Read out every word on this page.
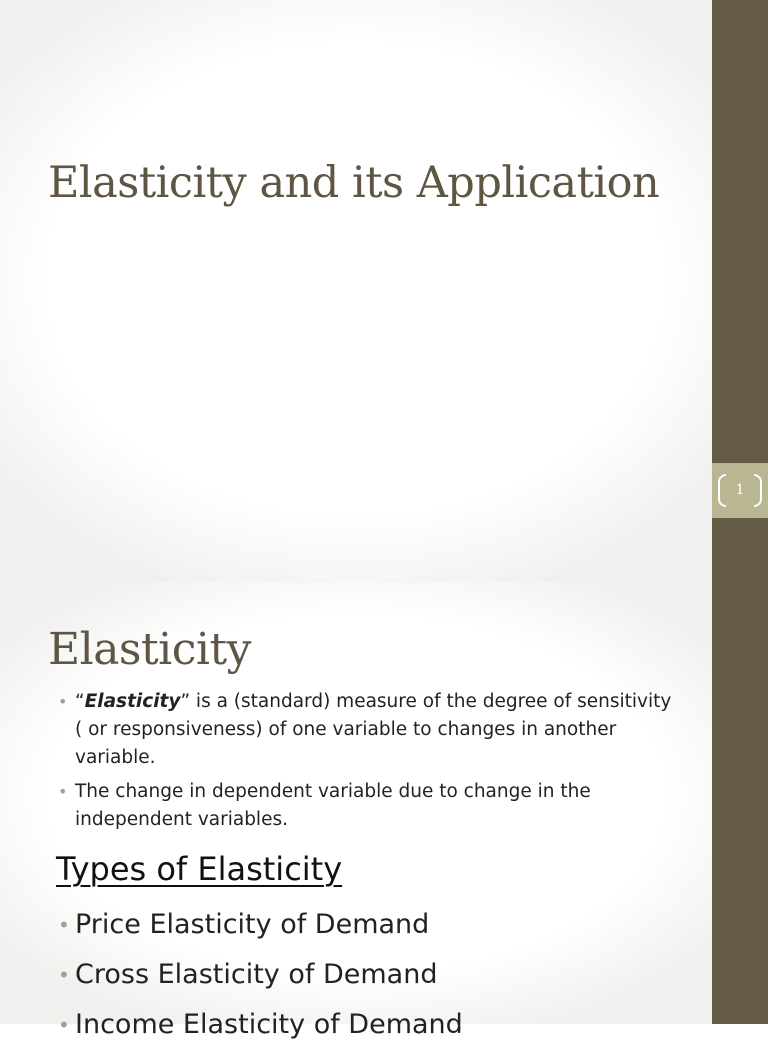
Elasticity and its Application
Elasticity
• “Elasticity” is a (standard) measure of the degree of sensitivity ( or responsiveness) of one variable to changes in another variable.
• The change in dependent variable due to change in the independent variables.
Types of Elasticity
• Price Elasticity of Demand
• Cross Elasticity of Demand
• Income Elasticity of Demand
1
